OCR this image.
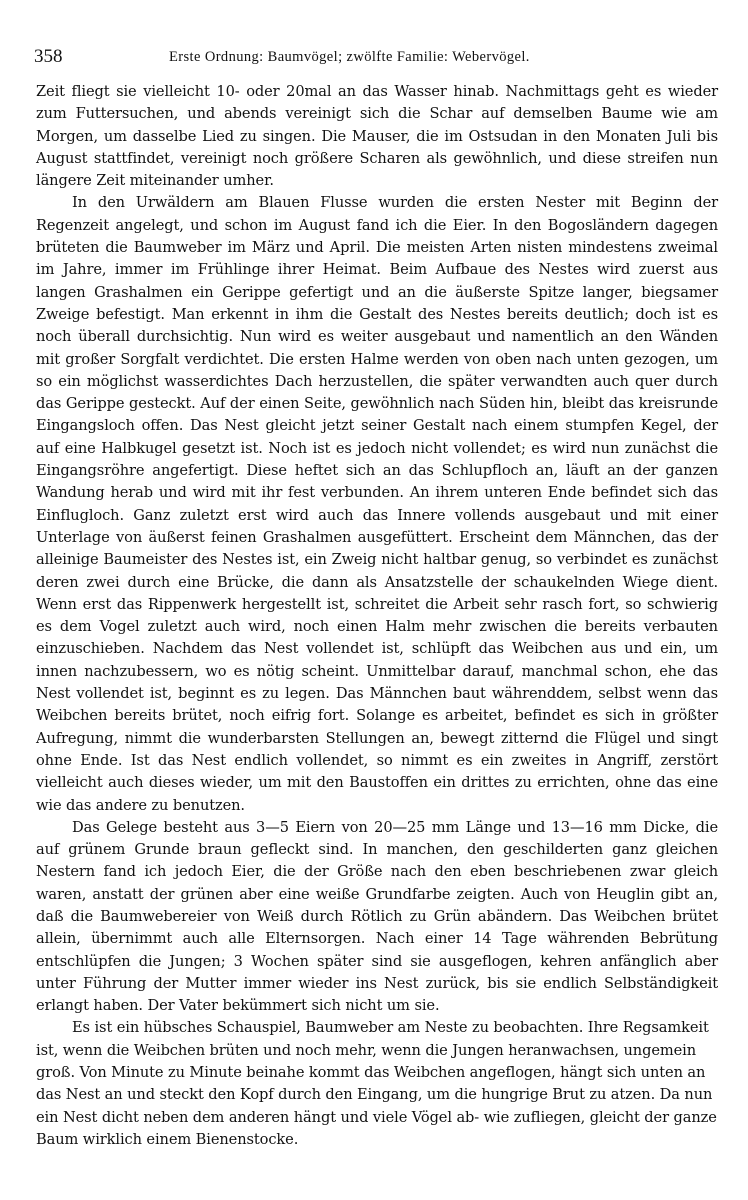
358	Erste Ordnung: Baumvögel; zwölfte Familie: Webervögel.

Zeit fliegt sie vielleicht 10- oder 20mal an das Wasser hinab. Nachmittags geht es wieder zum Futtersuchen, und abends vereinigt sich die Schar auf demselben Baume wie am Morgen, um dasselbe Lied zu singen. Die Mauser, die im Ostsudan in den Monaten Juli bis August stattfindet, vereinigt noch größere Scharen als gewöhnlich, und diese streifen nun längere Zeit miteinander umher.

In den Urwäldern am Blauen Flusse wurden die ersten Nester mit Beginn der Regenzeit angelegt, und schon im August fand ich die Eier. In den Bogosländern dagegen brüteten die Baumweber im März und April. Die meisten Arten nisten mindestens zweimal im Jahre, immer im Frühlinge ihrer Heimat. Beim Aufbaue des Nestes wird zuerst aus langen Grashalmen ein Gerippe gefertigt und an die äußerste Spitze langer, biegsamer Zweige befestigt. Man erkennt in ihm die Gestalt des Nestes bereits deutlich; doch ist es noch überall durchsichtig. Nun wird es weiter ausgebaut und namentlich an den Wänden mit großer Sorgfalt verdichtet. Die ersten Halme werden von oben nach unten gezogen, um so ein möglichst wasserdichtes Dach herzustellen, die später verwandten auch quer durch das Gerippe gesteckt. Auf der einen Seite, gewöhnlich nach Süden hin, bleibt das kreisrunde Eingangsloch offen. Das Nest gleicht jetzt seiner Gestalt nach einem stumpfen Kegel, der auf eine Halbkugel gesetzt ist. Noch ist es jedoch nicht vollendet; es wird nun zunächst die Eingangsröhre angefertigt. Diese heftet sich an das Schlupfloch an, läuft an der ganzen Wandung herab und wird mit ihr fest verbunden. An ihrem unteren Ende befindet sich das Einflugloch. Ganz zuletzt erst wird auch das Innere vollends ausgebaut und mit einer Unterlage von äußerst feinen Grashalmen ausgefüttert. Erscheint dem Männchen, das der alleinige Baumeister des Nestes ist, ein Zweig nicht haltbar genug, so verbindet es zunächst deren zwei durch eine Brücke, die dann als Ansatzstelle der schaukelnden Wiege dient. Wenn erst das Rippenwerk hergestellt ist, schreitet die Arbeit sehr rasch fort, so schwierig es dem Vogel zuletzt auch wird, noch einen Halm mehr zwischen die bereits verbauten einzuschieben. Nachdem das Nest vollendet ist, schlüpft das Weibchen aus und ein, um innen nachzubessern, wo es nötig scheint. Unmittelbar darauf, manchmal schon, ehe das Nest vollendet ist, beginnt es zu legen. Das Männchen baut währenddem, selbst wenn das Weibchen bereits brütet, noch eifrig fort. Solange es arbeitet, befindet es sich in größter Aufregung, nimmt die wunderbarsten Stellungen an, bewegt zitternd die Flügel und singt ohne Ende. Ist das Nest endlich vollendet, so nimmt es ein zweites in Angriff, zerstört vielleicht auch dieses wieder, um mit den Baustoffen ein drittes zu errichten, ohne das eine wie das andere zu benutzen.

Das Gelege besteht aus 3—5 Eiern von 20—25 mm Länge und 13—16 mm Dicke, die auf grünem Grunde braun gefleckt sind. In manchen, den geschilderten ganz gleichen Nestern fand ich jedoch Eier, die der Größe nach den eben beschriebenen zwar gleich waren, anstatt der grünen aber eine weiße Grundfarbe zeigten. Auch von Heuglin gibt an, daß die Baumwebereier von Weiß durch Rötlich zu Grün abändern. Das Weibchen brütet allein, übernimmt auch alle Elternsorgen. Nach einer 14 Tage währenden Bebrütung entschlüpfen die Jungen; 3 Wochen später sind sie ausgeflogen, kehren anfänglich aber unter Führung der Mutter immer wieder ins Nest zurück, bis sie endlich Selbständigkeit erlangt haben. Der Vater bekümmert sich nicht um sie.

Es ist ein hübsches Schauspiel, Baumweber am Neste zu beobachten. Ihre Regsamkeit ist, wenn die Weibchen brüten und noch mehr, wenn die Jungen heranwachsen, ungemein groß. Von Minute zu Minute beinahe kommt das Weibchen angeflogen, hängt sich unten an das Nest an und steckt den Kopf durch den Eingang, um die hungrige Brut zu atzen. Da nun ein Nest dicht neben dem anderen hängt und viele Vögel ab- wie zufliegen, gleicht der ganze Baum wirklich einem Bienenstocke.
